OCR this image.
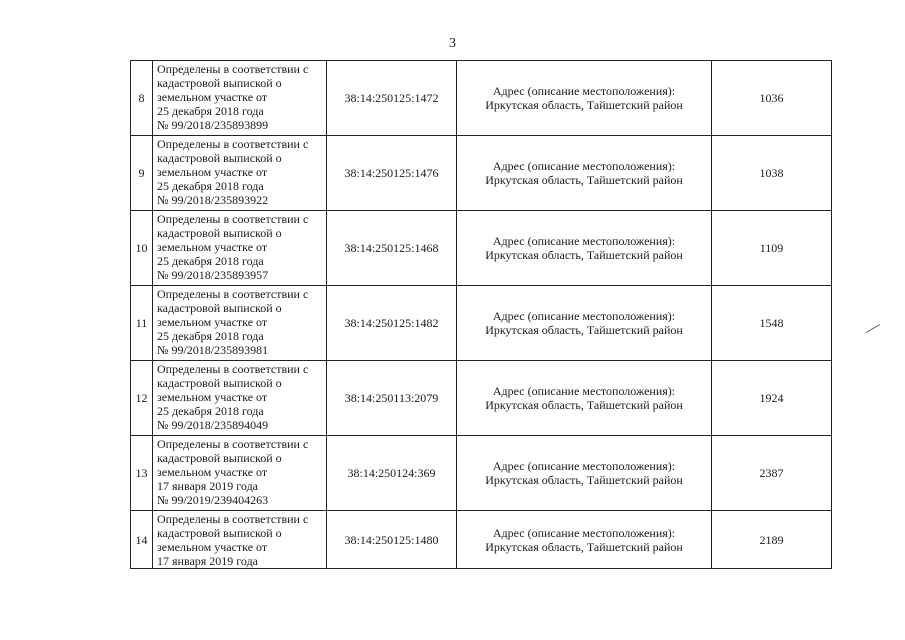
3
8	Определены в соответствии с
кадастровой выпиской о
земельном участке от
25 декабря 2018 года
№ 99/2018/235893899	38:14:250125:1472	Адрес (описание местоположения):
Иркутская область, Тайшетский район	1036
9	Определены в соответствии с
кадастровой выпиской о
земельном участке от
25 декабря 2018 года
№ 99/2018/235893922	38:14:250125:1476	Адрес (описание местоположения):
Иркутская область, Тайшетский район	1038
10	Определены в соответствии с
кадастровой выпиской о
земельном участке от
25 декабря 2018 года
№ 99/2018/235893957	38:14:250125:1468	Адрес (описание местоположения):
Иркутская область, Тайшетский район	1109
11	Определены в соответствии с
кадастровой выпиской о
земельном участке от
25 декабря 2018 года
№ 99/2018/235893981	38:14:250125:1482	Адрес (описание местоположения):
Иркутская область, Тайшетский район	1548
12	Определены в соответствии с
кадастровой выпиской о
земельном участке от
25 декабря 2018 года
№ 99/2018/235894049	38:14:250113:2079	Адрес (описание местоположения):
Иркутская область, Тайшетский район	1924
13	Определены в соответствии с
кадастровой выпиской о
земельном участке от
17 января 2019 года
№ 99/2019/239404263	38:14:250124:369	Адрес (описание местоположения):
Иркутская область, Тайшетский район	2387
14	Определены в соответствии с
кадастровой выпиской о
земельном участке от
17 января 2019 года	38:14:250125:1480	Адрес (описание местоположения):
Иркутская область, Тайшетский район	2189
